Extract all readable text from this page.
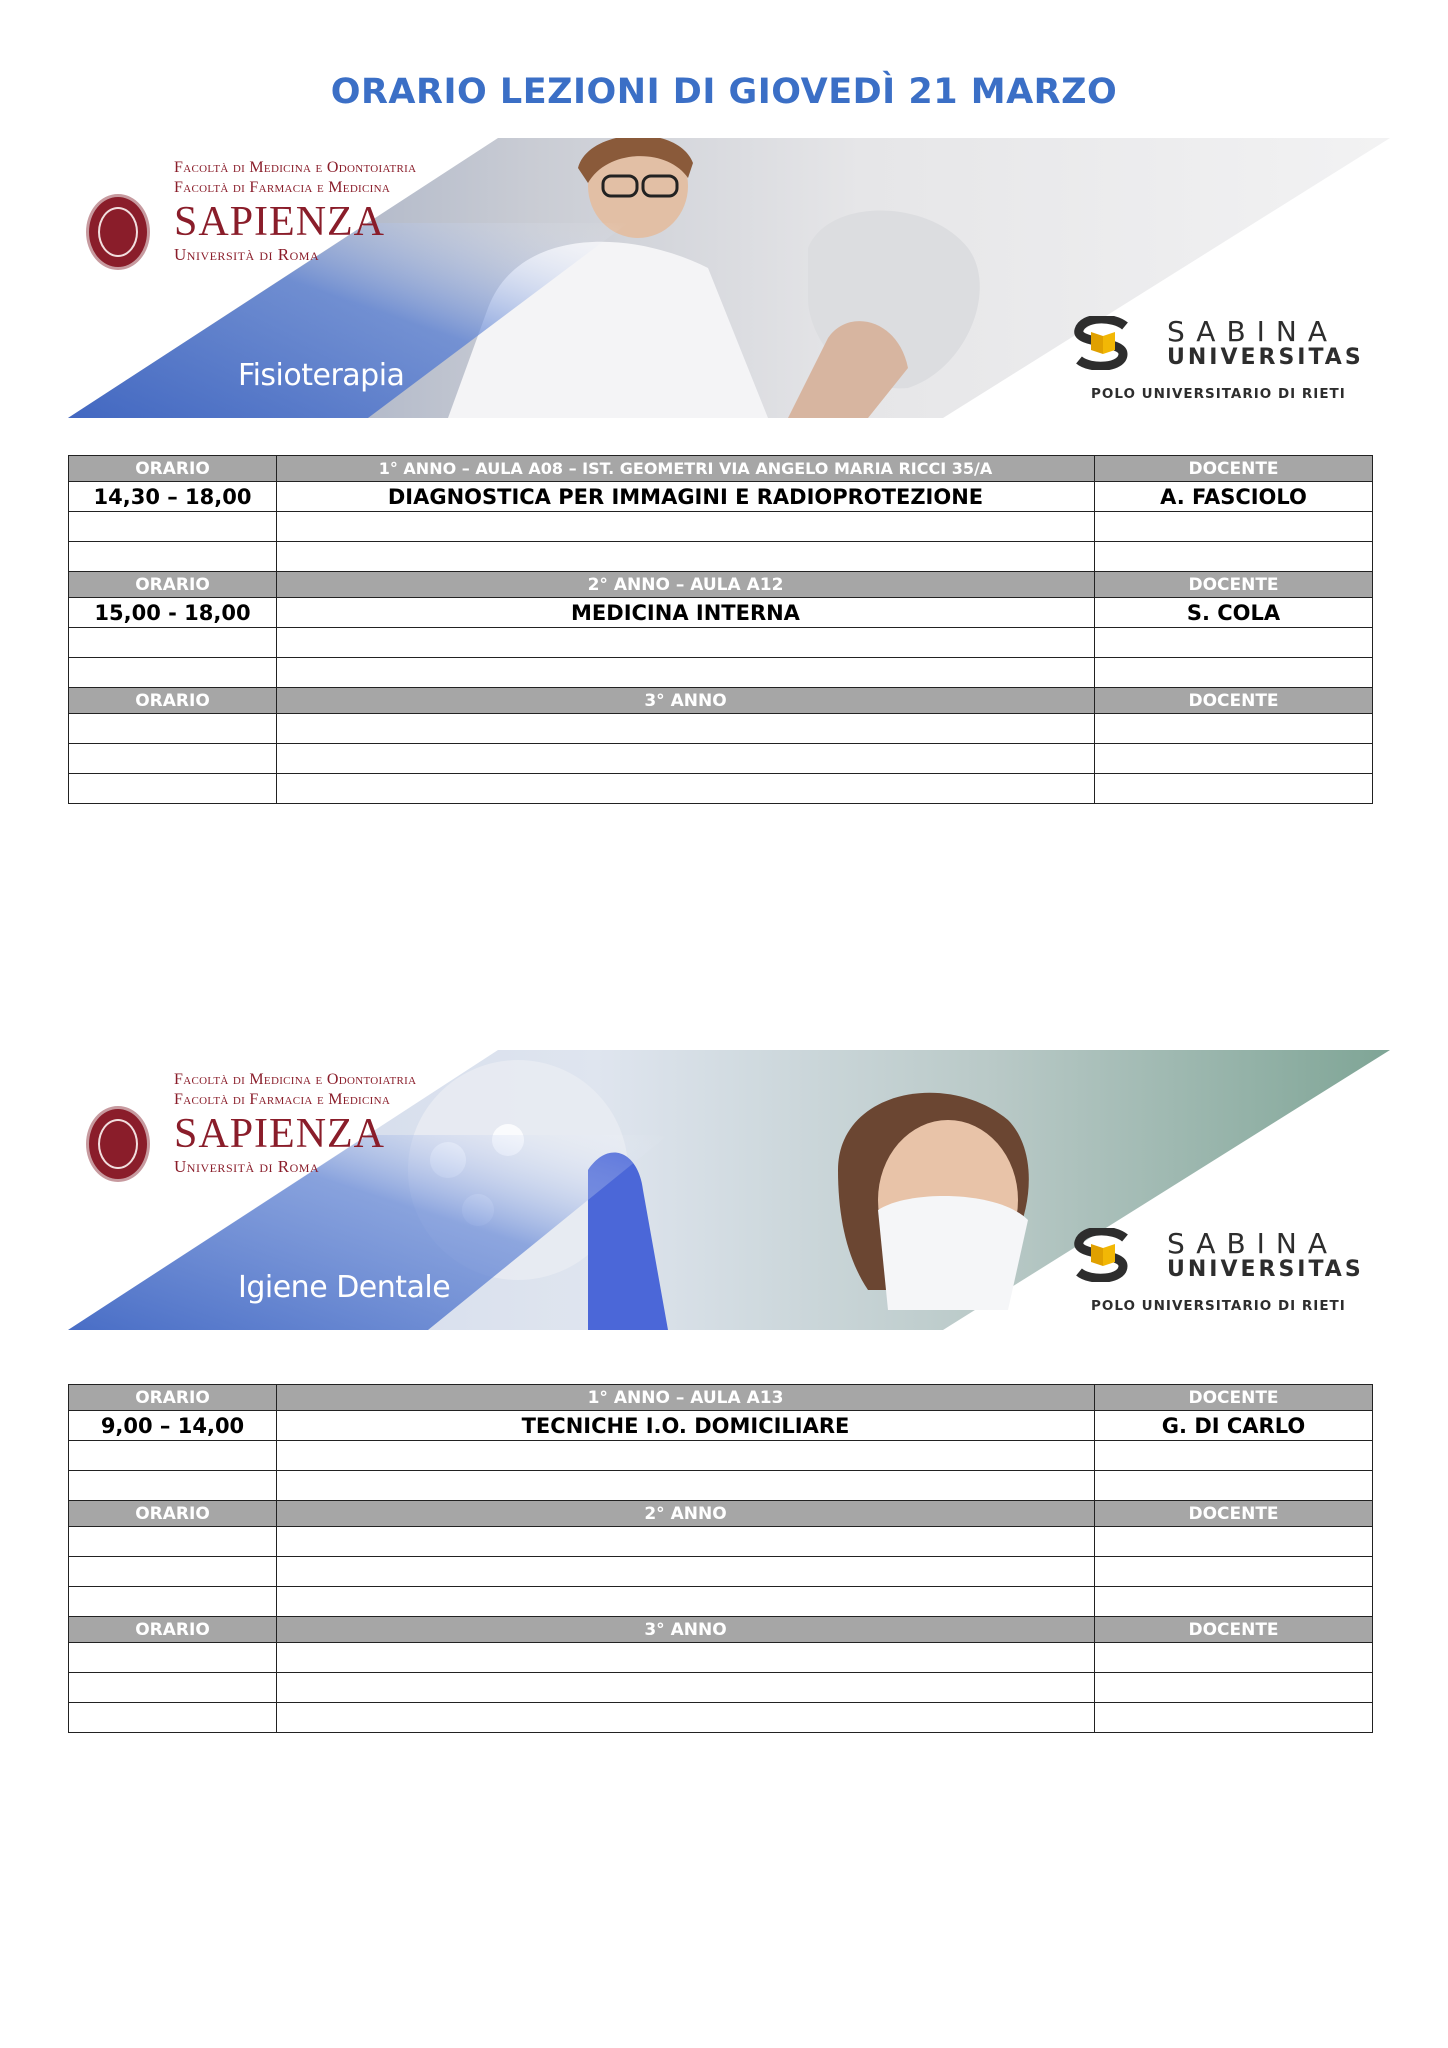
ORARIO LEZIONI DI GIOVEDÌ 21 MARZO
Facoltà di Medicina e Odontoiatria
Facoltà di Farmacia e Medicina
SAPIENZA
Università di Roma
Fisioterapia
SABINA
UNIVERSITAS
POLO UNIVERSITARIO DI RIETI
ORARIO	1° ANNO – AULA A08 – IST. GEOMETRI VIA ANGELO MARIA RICCI 35/A	DOCENTE
14,30 – 18,00	DIAGNOSTICA PER IMMAGINI E RADIOPROTEZIONE	A. FASCIOLO

ORARIO	2° ANNO – AULA A12	DOCENTE
15,00 - 18,00	MEDICINA INTERNA	S. COLA

ORARIO	3° ANNO	DOCENTE

Facoltà di Medicina e Odontoiatria
Facoltà di Farmacia e Medicina
SAPIENZA
Università di Roma
Igiene Dentale
SABINA
UNIVERSITAS
POLO UNIVERSITARIO DI RIETI
ORARIO	1° ANNO – AULA A13	DOCENTE
9,00 – 14,00	TECNICHE I.O. DOMICILIARE	G. DI CARLO

ORARIO	2° ANNO	DOCENTE

ORARIO	3° ANNO	DOCENTE
